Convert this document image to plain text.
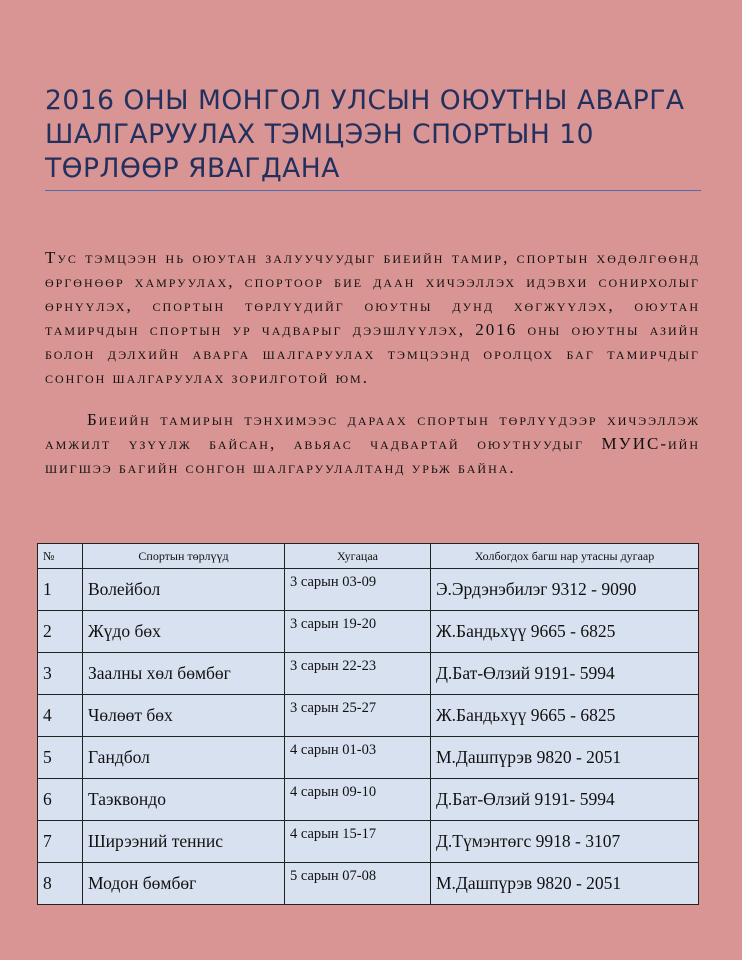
2016 ОНЫ МОНГОЛ УЛСЫН ОЮУТНЫ АВАРГА ШАЛГАРУУЛАХ ТЭМЦЭЭН СПОРТЫН 10 ТӨРЛӨӨР ЯВАГДАНА

Тус тэмцээн нь оюутан залуучуудыг биеийн тамир, спортын хөдөлгөөнд өргөнөөр хамруулах, спортоор бие даан хичээллэх идэвхи сонирхолыг өрнүүлэх, спортын төрлүүдийг оюутны дунд хөгжүүлэх, оюутан тамирчдын спортын ур чадварыг дээшлүүлэх, 2016 оны оюутны азийн болон дэлхийн аварга шалгаруулах тэмцээнд оролцох баг тамирчдыг сонгон шалгаруулах зорилготой юм.

Биеийн тамирын тэнхимээс дараах спортын төрлүүдээр хичээллэж амжилт үзүүлж байсан, авьяас чадвартай оюутнуудыг МУИС-ийн шигшээ багийн сонгон шалгаруулалтанд урьж байна.

№	Спортын төрлүүд	Хугацаа	Холбогдох багш нар утасны дугаар
1	Волейбол	3 сарын 03-09	Э.Эрдэнэбилэг 9312 - 9090
2	Жүдо бөх	3 сарын 19-20	Ж.Бандьхүү 9665 - 6825
3	Заалны хөл бөмбөг	3 сарын 22-23	Д.Бат-Өлзий 9191- 5994
4	Чөлөөт бөх	3 сарын 25-27	Ж.Бандьхүү 9665 - 6825
5	Гандбол	4 сарын 01-03	М.Дашпүрэв 9820 - 2051
6	Таэквондо	4 сарын 09-10	Д.Бат-Өлзий 9191- 5994
7	Ширээний теннис	4 сарын 15-17	Д.Түмэнтөгс 9918 - 3107
8	Модон бөмбөг	5 сарын 07-08	М.Дашпүрэв 9820 - 2051
